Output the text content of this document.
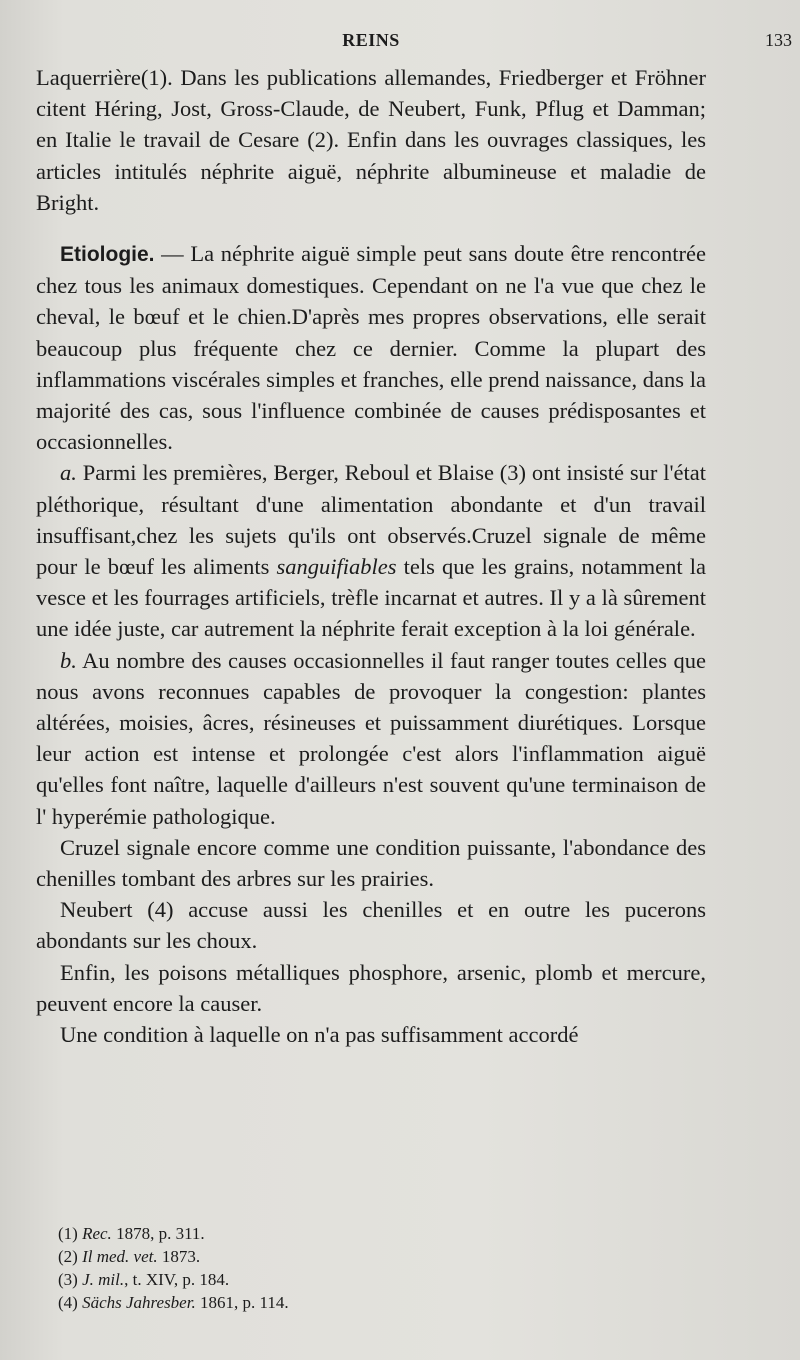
REINS	133

Laquerrière(1). Dans les publications allemandes, Friedberger et Fröhner citent Héring, Jost, Gross-Claude, de Neubert, Funk, Pflug et Damman; en Italie le travail de Cesare (2). Enfin dans les ouvrages classiques, les articles intitulés néphrite aiguë, néphrite albumineuse et maladie de Bright.

Etiologie. — La néphrite aiguë simple peut sans doute être rencontrée chez tous les animaux domestiques. Cependant on ne l'a vue que chez le cheval, le bœuf et le chien.D'après mes propres observations, elle serait beaucoup plus fréquente chez ce dernier. Comme la plupart des inflammations viscérales simples et franches, elle prend naissance, dans la majorité des cas, sous l'influence combinée de causes prédisposantes et occasionnelles.

a. Parmi les premières, Berger, Reboul et Blaise (3) ont insisté sur l'état pléthorique, résultant d'une alimentation abondante et d'un travail insuffisant,chez les sujets qu'ils ont observés.Cruzel signale de même pour le bœuf les aliments sanguifiables tels que les grains, notamment la vesce et les fourrages artificiels, trèfle incarnat et autres. Il y a là sûrement une idée juste, car autrement la néphrite ferait exception à la loi générale.

b. Au nombre des causes occasionnelles il faut ranger toutes celles que nous avons reconnues capables de provoquer la congestion: plantes altérées, moisies, âcres, résineuses et puissamment diurétiques. Lorsque leur action est intense et prolongée c'est alors l'inflammation aiguë qu'elles font naître, laquelle d'ailleurs n'est souvent qu'une terminaison de l' hyperémie pathologique.

Cruzel signale encore comme une condition puissante, l'abondance des chenilles tombant des arbres sur les prairies.

Neubert (4) accuse aussi les chenilles et en outre les pucerons abondants sur les choux.

Enfin, les poisons métalliques phosphore, arsenic, plomb et mercure, peuvent encore la causer.

Une condition à laquelle on n'a pas suffisamment accordé

(1) Rec. 1878, p. 311.
(2) Il med. vet. 1873.
(3) J. mil., t. XIV, p. 184.
(4) Sächs Jahresber. 1861, p. 114.
